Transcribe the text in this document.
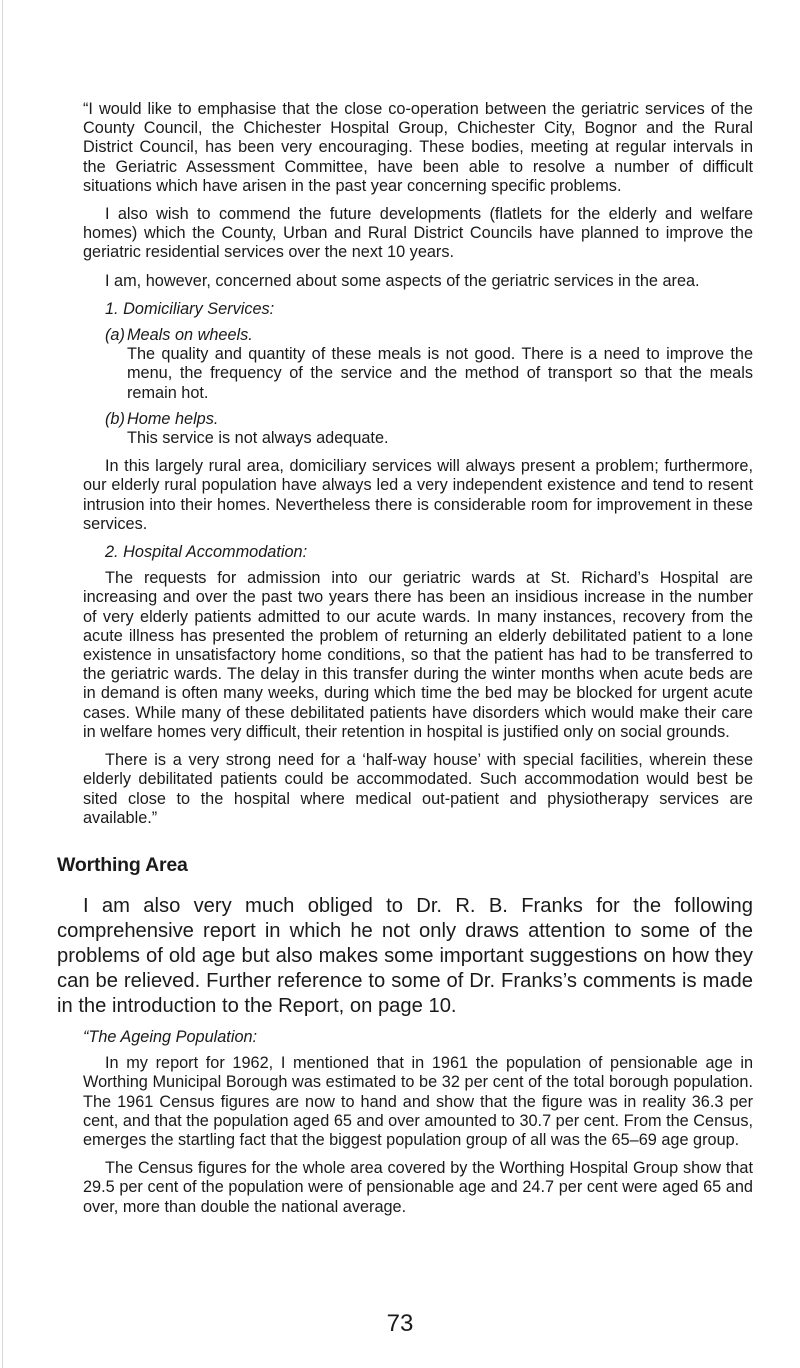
“I would like to emphasise that the close co-operation between the geriatric services of the County Council, the Chichester Hospital Group, Chichester City, Bognor and the Rural District Council, has been very encouraging. These bodies, meeting at regular intervals in the Geriatric Assessment Committee, have been able to resolve a number of difficult situations which have arisen in the past year concerning specific problems.

I also wish to commend the future developments (flatlets for the elderly and welfare homes) which the County, Urban and Rural District Councils have planned to improve the geriatric residential services over the next 10 years.

I am, however, concerned about some aspects of the geriatric services in the area.

1. Domiciliary Services:

(a) Meals on wheels.

The quality and quantity of these meals is not good. There is a need to improve the menu, the frequency of the service and the method of transport so that the meals remain hot.

(b) Home helps.

This service is not always adequate.

In this largely rural area, domiciliary services will always present a problem; furthermore, our elderly rural population have always led a very independent existence and tend to resent intrusion into their homes. Nevertheless there is considerable room for improvement in these services.

2. Hospital Accommodation:

The requests for admission into our geriatric wards at St. Richard’s Hospital are increasing and over the past two years there has been an insidious increase in the number of very elderly patients admitted to our acute wards. In many instances, recovery from the acute illness has presented the problem of returning an elderly debilitated patient to a lone existence in unsatisfactory home conditions, so that the patient has had to be transferred to the geriatric wards. The delay in this transfer during the winter months when acute beds are in demand is often many weeks, during which time the bed may be blocked for urgent acute cases. While many of these debilitated patients have disorders which would make their care in welfare homes very difficult, their retention in hospital is justified only on social grounds.

There is a very strong need for a ‘half-way house’ with special facilities, wherein these elderly debilitated patients could be accommodated. Such accommodation would best be sited close to the hospital where medical out-patient and physiotherapy services are available.”

Worthing Area

I am also very much obliged to Dr. R. B. Franks for the following comprehensive report in which he not only draws attention to some of the problems of old age but also makes some important suggestions on how they can be relieved. Further reference to some of Dr. Franks’s comments is made in the introduction to the Report, on page 10.

“The Ageing Population:

In my report for 1962, I mentioned that in 1961 the population of pensionable age in Worthing Municipal Borough was estimated to be 32 per cent of the total borough population. The 1961 Census figures are now to hand and show that the figure was in reality 36.3 per cent, and that the population aged 65 and over amounted to 30.7 per cent. From the Census, emerges the startling fact that the biggest population group of all was the 65–69 age group.

The Census figures for the whole area covered by the Worthing Hospital Group show that 29.5 per cent of the population were of pensionable age and 24.7 per cent were aged 65 and over, more than double the national average.

73
